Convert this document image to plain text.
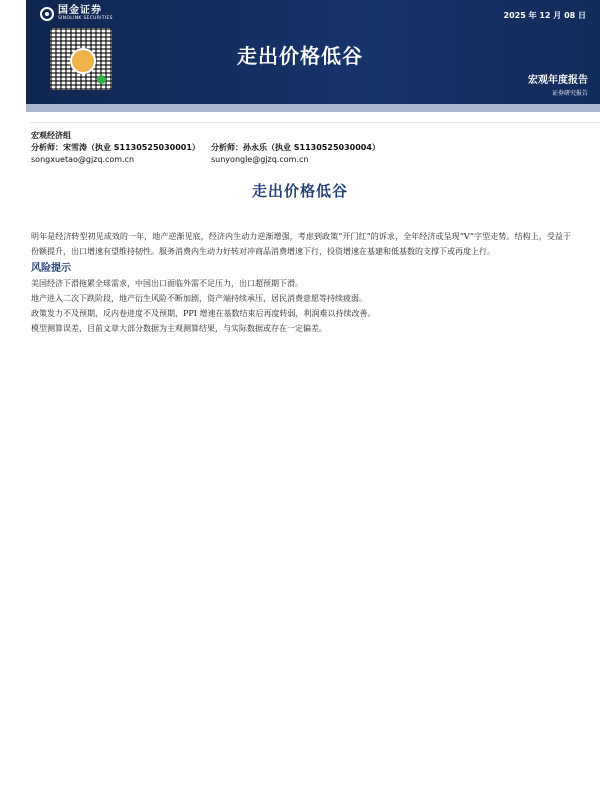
国金证券
SINOLINK SECURITIES	2025 年 12 月 08 日
走出价格低谷
宏观年度报告
证券研究报告
宏观经济组
分析师：宋雪涛（执业 S1130525030001）	分析师：孙永乐（执业 S1130525030004）
songxuetao@gjzq.com.cn	sunyongle@gjzq.com.cn
走出价格低谷

明年是经济转型初见成效的一年，地产逆渐见底，经济内生动力逆渐增强，考虑到政策“开门红”的诉求，全年经济或呈现“V”字型走势。结构上，受益于份额提升，出口增速有望维持韧性。服务消费内生动力好转对冲商品消费增速下行，投资增速在基建和低基数的支撑下或再度上行。

风险提示

美国经济下滑拖累全球需求，中国出口面临外需不足压力，出口超预期下滑。

地产进入二次下跌阶段，地产衍生风险不断加剧，资产端持续承压，居民消费意愿等持续疲弱。

政策发力不及预期，反内卷进度不及预期，PPI 增速在基数结束后再度转弱，利润难以持续改善。

模型测算误差，目前文章大部分数据为主观测算结果，与实际数据或存在一定偏差。
